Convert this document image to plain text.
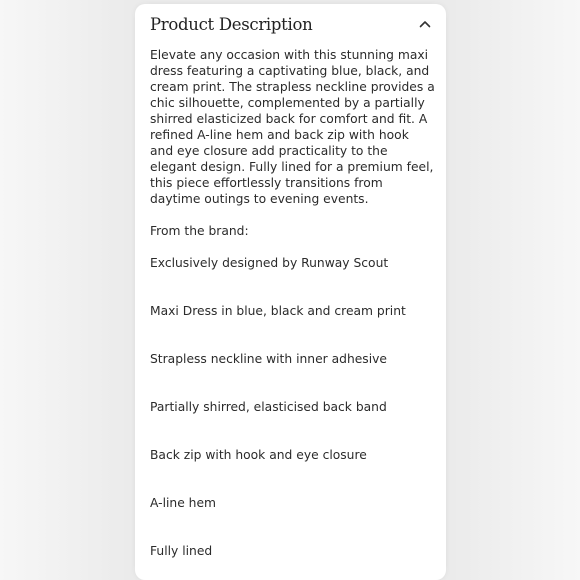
Product Description

Elevate any occasion with this stunning maxi dress featuring a captivating blue, black, and cream print. The strapless neckline provides a chic silhouette, complemented by a partially shirred elasticized back for comfort and fit. A refined A-line hem and back zip with hook and eye closure add practicality to the elegant design. Fully lined for a premium feel, this piece effortlessly transitions from daytime outings to evening events.

From the brand:

Exclusively designed by Runway Scout
Maxi Dress in blue, black and cream print
Strapless neckline with inner adhesive
Partially shirred, elasticised back band
Back zip with hook and eye closure
A-line hem
Fully lined
